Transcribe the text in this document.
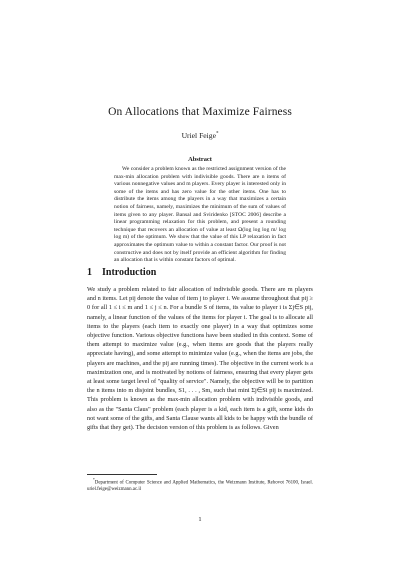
On Allocations that Maximize Fairness
Uriel Feige*
Abstract
We consider a problem known as the restricted assignment version of the max-min allocation problem with indivisible goods. There are n items of various nonnegative values and m players. Every player is interested only in some of the items and has zero value for the other items. One has to distribute the items among the players in a way that maximizes a certain notion of fairness, namely, maximizes the minimum of the sum of values of items given to any player. Bansal and Sviridenko [STOC 2006] describe a linear programming relaxation for this problem, and present a rounding technique that recovers an allocation of value at least Ω(log log log m/ log log m) of the optimum. We show that the value of this LP relaxation in fact approximates the optimum value to within a constant factor. Our proof is not constructive and does not by itself provide an efficient algorithm for finding an allocation that is within constant factors of optimal.
1 Introduction
We study a problem related to fair allocation of indivisible goods. There are m players and n items. Let pij denote the value of item j to player i. We assume throughout that pij ≥ 0 for all 1 ≤ i ≤ m and 1 ≤ j ≤ n. For a bundle S of items, its value to player i is Σj∈S pij, namely, a linear function of the values of the items for player i. The goal is to allocate all items to the players (each item to exactly one player) in a way that optimizes some objective function. Various objective functions have been studied in this context. Some of them attempt to maximize value (e.g., when items are goods that the players really appreciate having), and some attempt to minimize value (e.g., when the items are jobs, the players are machines, and the pij are running times). The objective in the current work is a maximization one, and is motivated by notions of fairness, ensuring that every player gets at least some target level of "quality of service". Namely, the objective will be to partition the n items into m disjoint bundles, S1, . . . , Sm, such that mini Σj∈Si pij is maximized. This problem is known as the max-min allocation problem with indivisible goods, and also as the "Santa Claus" problem (each player is a kid, each item is a gift, some kids do not want some of the gifts, and Santa Clause wants all kids to be happy with the bundle of gifts that they get). The decision version of this problem is as follows. Given
*Department of Computer Science and Applied Mathematics, the Weizmann Institute, Rehovot 76100, Israel. uriel.feige@weizmann.ac.il
1
